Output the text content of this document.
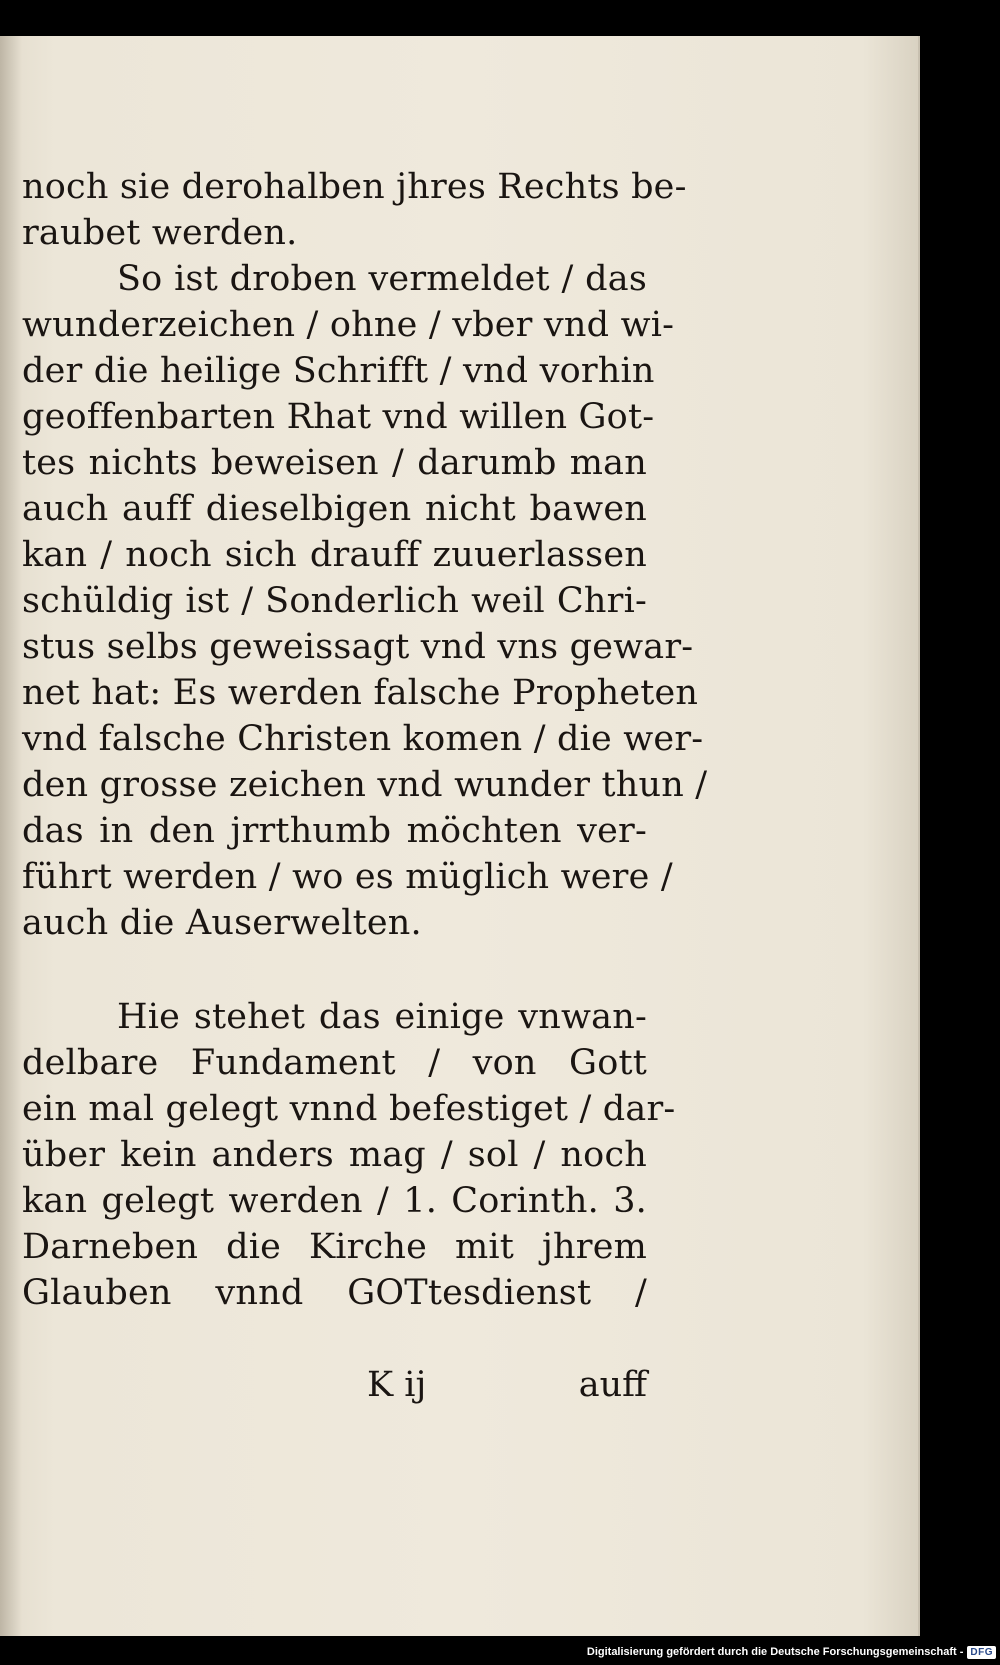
noch sie derohalben jhres Rechts be-
raubet werden.
So ist droben vermeldet / das
wunderzeichen / ohne / vber vnd wi-
der die heilige Schrifft / vnd vorhin
geoffenbarten Rhat vnd willen Got-
tes nichts beweisen / darumb man
auch auff dieselbigen nicht bawen
kan / noch sich drauff zuuerlassen
schüldig ist / Sonderlich weil Chri-
stus selbs geweissagt vnd vns gewar-
net hat: Es werden falsche Propheten
vnd falsche Christen komen / die wer-
den grosse zeichen vnd wunder thun /
das in den jrrthumb möchten ver-
führt werden / wo es müglich were /
auch die Auserwelten.
Hie stehet das einige vnwan-
delbare Fundament / von Gott
ein mal gelegt vnnd befestiget / dar-
über kein anders mag / sol / noch
kan gelegt werden / 1. Corinth. 3.
Darneben die Kirche mit jhrem
Glauben vnnd GOTtesdienst /
K ij	auff
Digitalisierung gefördert durch die Deutsche Forschungsgemeinschaft - DFG
